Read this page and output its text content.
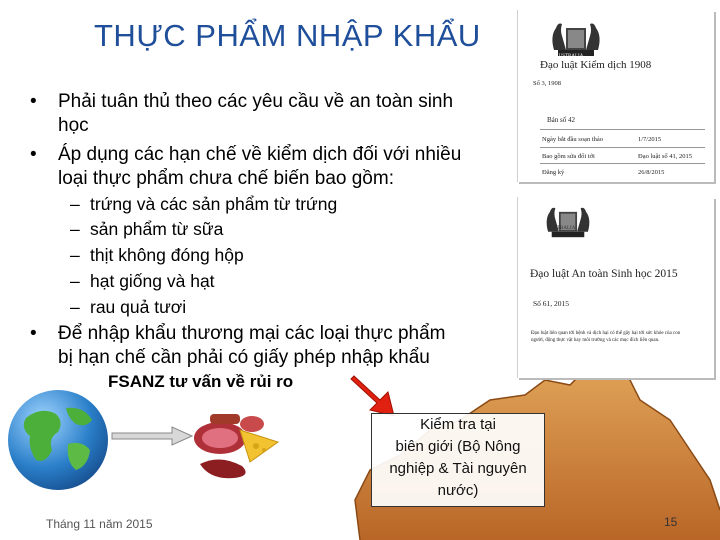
THỰC PHẨM NHẬP KHẨU
• Phải tuân thủ theo các yêu cầu về an toàn sinh
học
• Áp dụng các hạn chế về kiểm dịch đối với nhiều
loại thực phẩm chưa chế biến bao gồm:
– trứng và các sản phẩm từ trứng
– sản phẩm từ sữa
– thịt không đóng hộp
– hạt giống và hạt
– rau quả tươi
• Để nhập khẩu thương mại các loại thực phẩm
bị hạn chế cần phải có giấy phép nhập khẩu
FSANZ tư vấn về rủi ro
AUSTRALIA
Đạo luật Kiểm dịch 1908
Số 3, 1908
Bản số 42
Ngày bắt đầu soạn thảo	1/7/2015
Bao gồm sửa đổi tới	Đạo luật số 41, 2015
Đăng ký	26/8/2015
AUSTRALIA
Đạo luật An toàn Sinh học 2015
Số 61, 2015
Đạo luật liên quan tới bệnh và dịch hại có thể gây hại tới sức khỏe của con người, động thực vật hay môi trường và các mục đích liên quan.
Kiểm tra tại
biên giới (Bộ Nông
nghiệp & Tài nguyên
nước)
Tháng 11 năm 2015	15
